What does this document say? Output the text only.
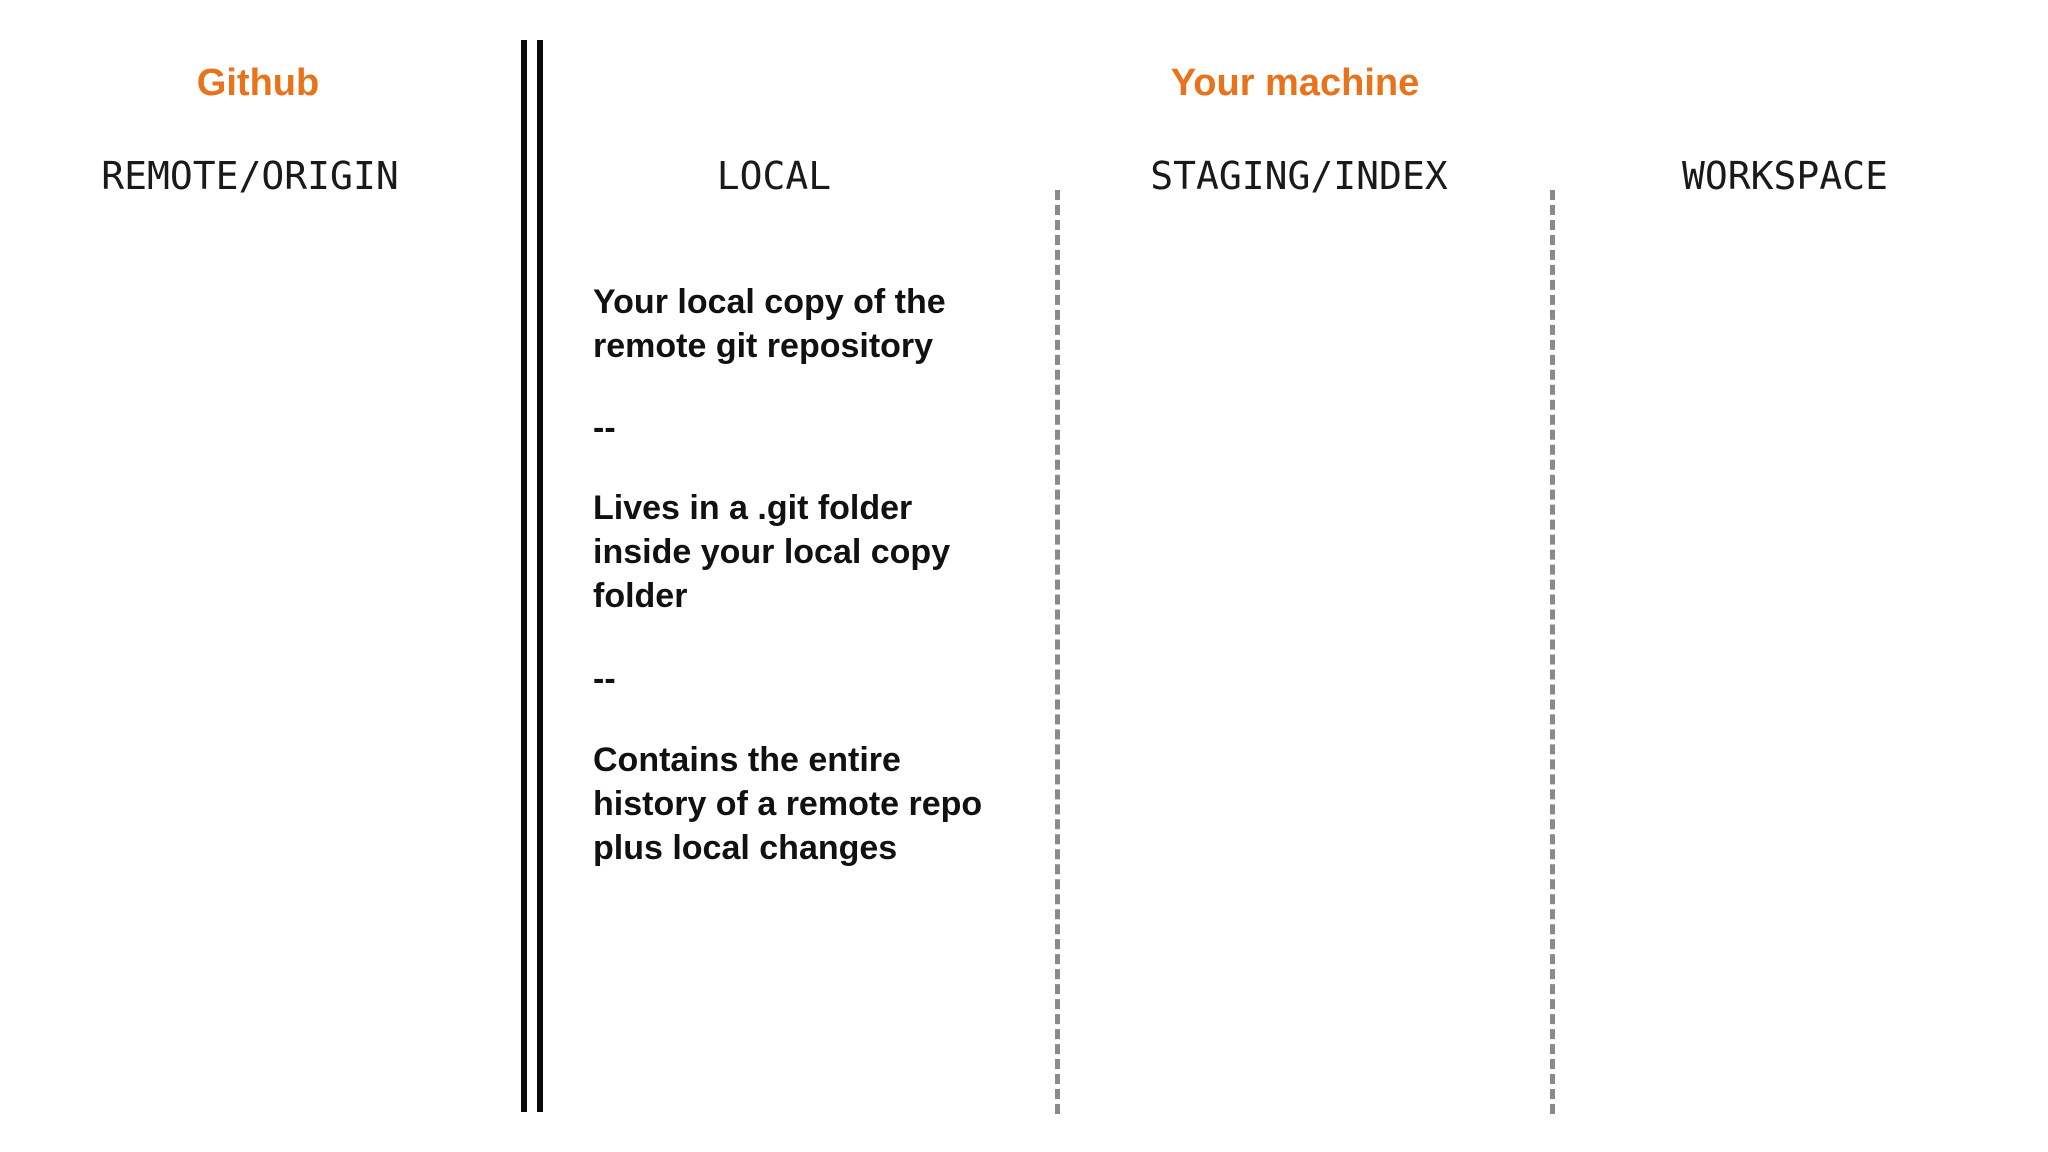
Github	Your machine
REMOTE/ORIGIN	LOCAL	STAGING/INDEX	WORKSPACE
Your local copy of the
remote git repository
--
Lives in a .git folder
inside your local copy
folder
--
Contains the entire
history of a remote repo
plus local changes
